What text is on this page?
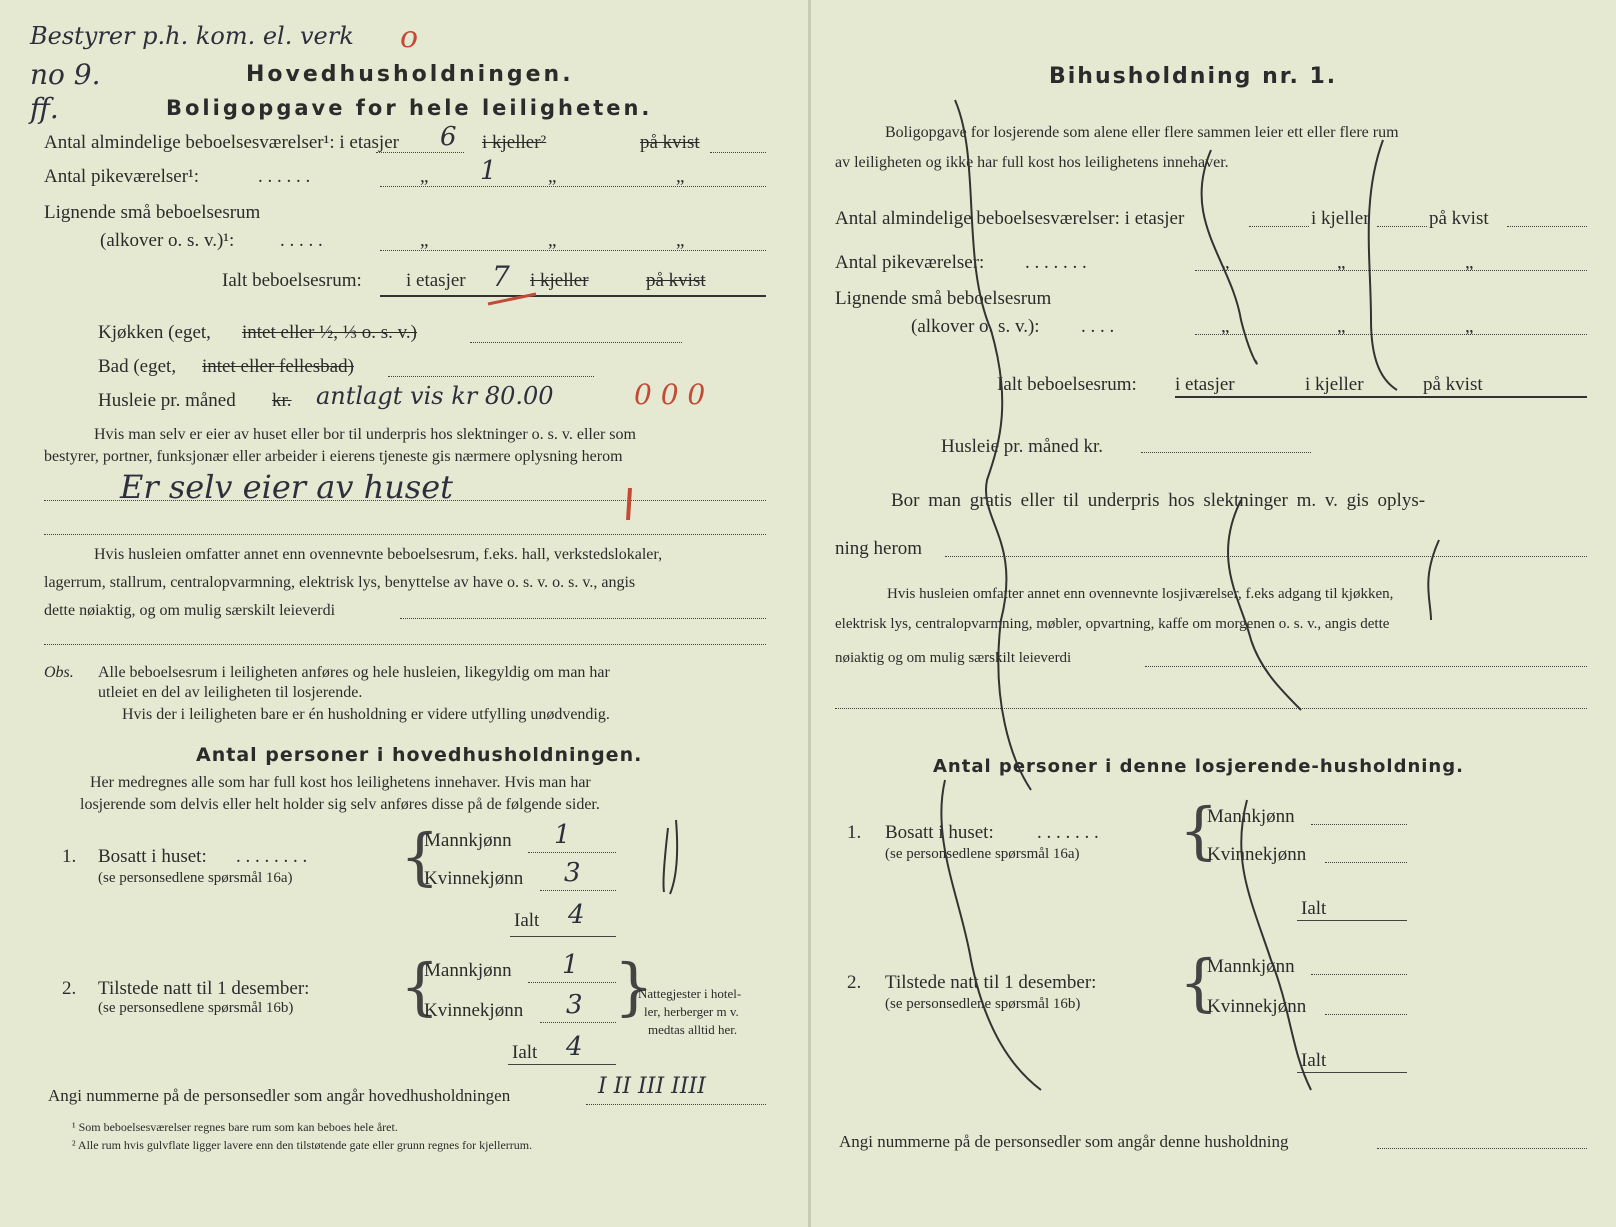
Bestyrer p.h. kom. el. verk o
no 9.
ff.
Hovedhusholdningen.
Boligopgave for hele leiligheten.
Antal almindelige beboelsesværelser¹: i etasjer 6 i kjeller²	på kvist
Antal pikeværelser¹:	. . . . . .	„ 1	„	„
Lignende små beboelsesrum
(alkover o. s. v.)¹: . . . . .	„	„	„
Ialt beboelsesrum: i etasjer 7 i kjeller	på kvist
Kjøkken (eget, intet eller ½, ⅓ o. s. v.)
Bad (eget, intet eller fellesbad)
Husleie pr. måned kr. antlagt vis kr 80.00	0 0 0
Hvis man selv er eier av huset eller bor til underpris hos slektninger o. s. v. eller som
bestyrer, portner, funksjonær eller arbeider i eierens tjeneste gis nærmere oplysning herom
Er selv eier av huset
Hvis husleien omfatter annet enn ovennevnte beboelsesrum, f.eks. hall, verkstedslokaler,
lagerrum, stallrum, centralopvarmning, elektrisk lys, benyttelse av have o. s. v. o. s. v., angis
dette nøiaktig, og om mulig særskilt leieverdi
Obs. Alle beboelsesrum i leiligheten anføres og hele husleien, likegyldig om man har
utleiet en del av leiligheten til losjerende.
Hvis der i leiligheten bare er én husholdning er videre utfylling unødvendig.
Antal personer i hovedhusholdningen.
Her medregnes alle som har full kost hos leilighetens innehaver. Hvis man har
losjerende som delvis eller helt holder sig selv anføres disse på de følgende sider.
1. Bosatt i huset: . . . . . . . .
(se personsedlene spørsmål 16a) {
Mannkjønn 1
Kvinnekjønn 3
Ialt 4
2. Tilstede natt til 1 desember:
(se personsedlene spørsmål 16b) {
Mannkjønn 1
Kvinnekjønn 3
Ialt 4
}
Nattegjester i hotel-
ler, herberger m v.
medtas alltid her.
Angi nummerne på de personsedler som angår hovedhusholdningen	I II III IIII
¹ Som beboelsesværelser regnes bare rum som kan beboes hele året.
² Alle rum hvis gulvflate ligger lavere enn den tilstøtende gate eller grunn regnes for kjellerrum.
Bihusholdning nr. 1.
Boligopgave for losjerende som alene eller flere sammen leier ett eller flere rum
av leiligheten og ikke har full kost hos leilighetens innehaver.
Antal almindelige beboelsesværelser: i etasjer	i kjeller	på kvist
Antal pikeværelser: . . . . . . .	„	„	„
Lignende små beboelsesrum
(alkover o. s. v.): . . . .	„	„	„
Ialt beboelsesrum: i etasjer	i kjeller	på kvist
Husleie pr. måned kr.
Bor man gratis eller til underpris hos slektninger m. v. gis oplys-
ning herom
Hvis husleien omfatter annet enn ovennevnte losjiværelser, f.eks adgang til kjøkken,
elektrisk lys, centralopvarmning, møbler, opvartning, kaffe om morgenen o. s. v., angis dette
nøiaktig og om mulig særskilt leieverdi
Antal personer i denne losjerende-husholdning.
1. Bosatt i huset: . . . . . . .
(se personsedlene spørsmål 16a) {
Mannkjønn
Kvinnekjønn
Ialt
2. Tilstede natt til 1 desember:
(se personsedlene spørsmål 16b) {
Mannkjønn
Kvinnekjønn
Ialt
Angi nummerne på de personsedler som angår denne husholdning
